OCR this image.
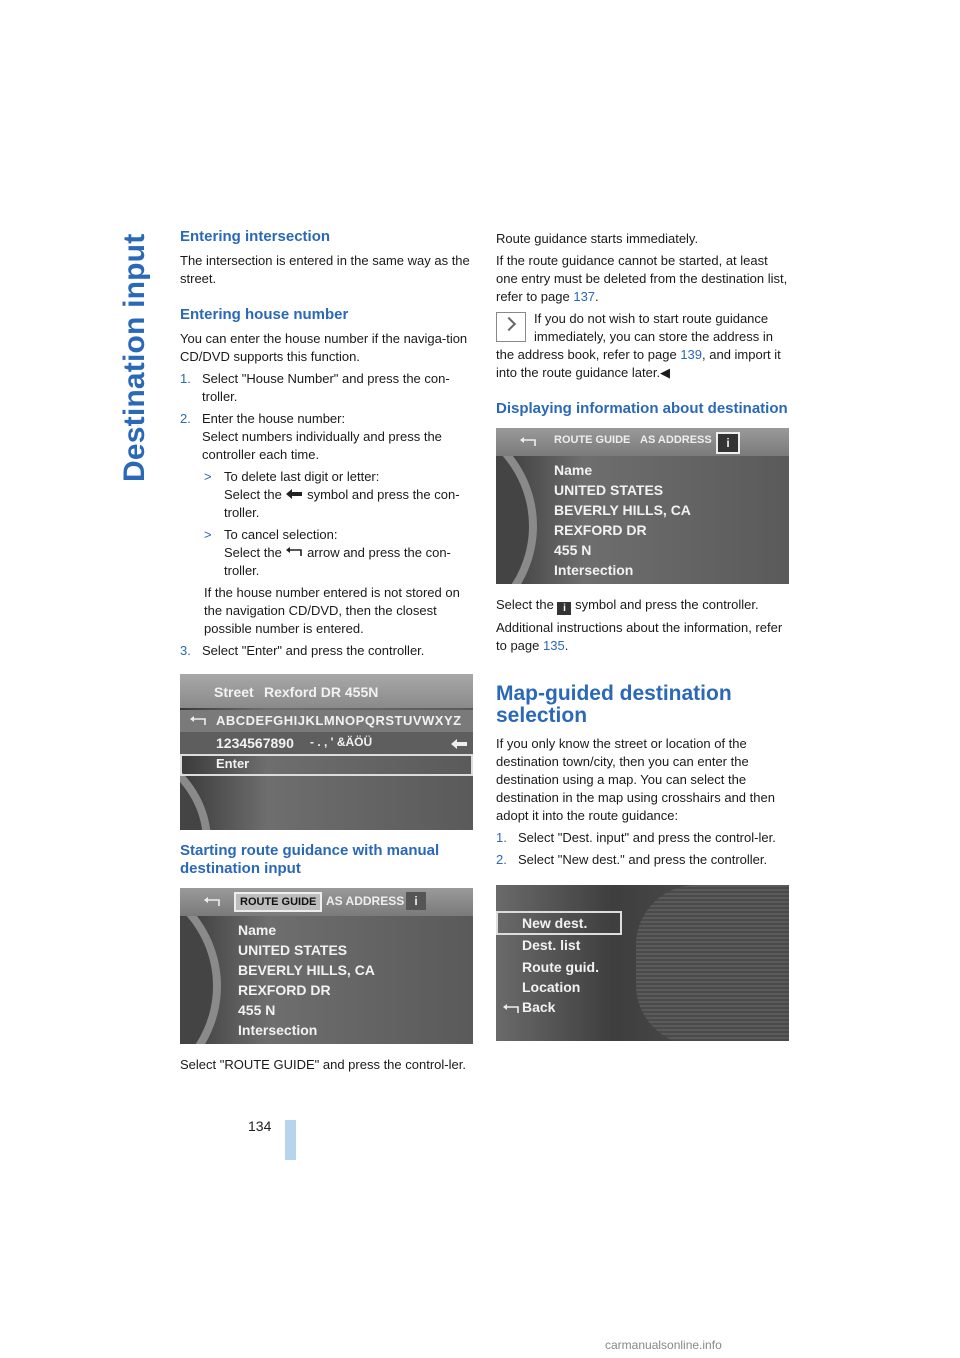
Destination input Entering intersection

The intersection is entered in the same way as the street.

Entering house number

You can enter the house number if the naviga-tion CD/DVD supports this function.

1. Select "House Number" and press the con-troller.
2. Enter the house number:
Select numbers individually and press the controller each time.
> To delete last digit or letter:
Select the symbol and press the con-troller.
> To cancel selection:
Select the arrow and press the con-troller.

If the house number entered is not stored on the navigation CD/DVD, then the closest possible number is entered.

3. Select "Enter" and press the controller.
Street Rexford DR 455N
ABCDEFGHIJKLMNOPQRSTUVWXYZ
1234567890 - . , ' &ÄÖÜ
Enter
Starting route guidance with manual destination input
ROUTE GUIDE AS ADDRESS i
Name
UNITED STATES
BEVERLY HILLS, CA
REXFORD DR
455 N
Intersection

Select "ROUTE GUIDE" and press the control-ler.

Route guidance starts immediately.

If the route guidance cannot be started, at least one entry must be deleted from the destination list, refer to page 137.

If you do not wish to start route guidance immediately, you can store the address in the address book, refer to page 139, and import it into the route guidance later.◀

Displaying information about destination
ROUTE GUIDE AS ADDRESS	i
Name
UNITED STATES
BEVERLY HILLS, CA
REXFORD DR
455 N
Intersection

Select the i symbol and press the controller.

Additional instructions about the information, refer to page 135.

Map-guided destination selection

If you only know the street or location of the destination town/city, then you can enter the destination using a map. You can select the destination in the map using crosshairs and then adopt it into the route guidance:

1. Select "Dest. input" and press the control-ler.
2. Select "New dest." and press the controller.
New dest.
Dest. list
Route guid.
Location
Back
134
carmanualsonline.info
